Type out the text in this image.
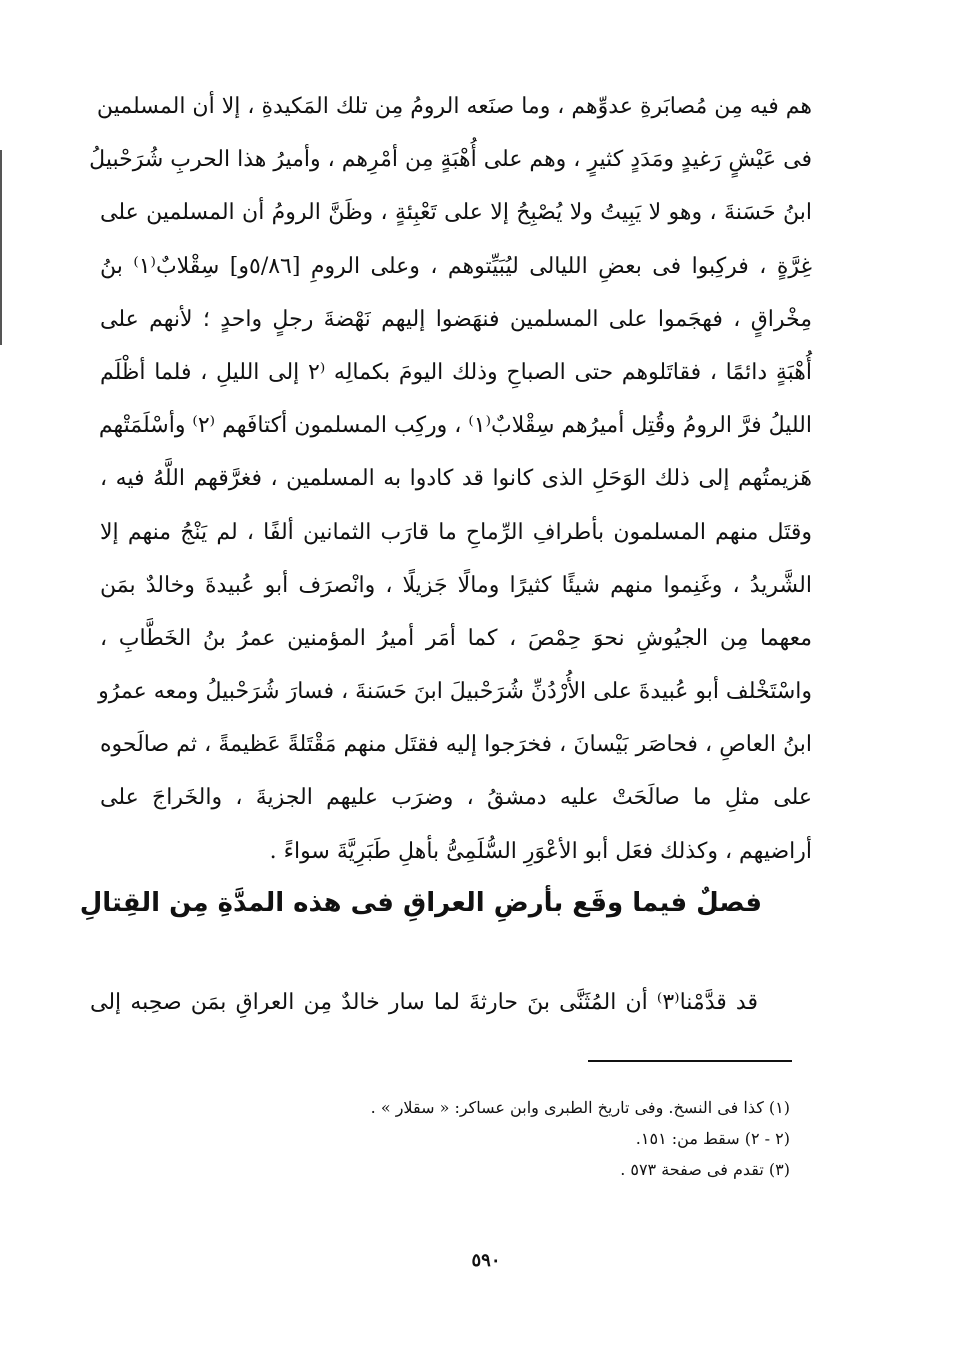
هم فيه مِن مُصابَرةِ عدوِّهم ، وما صنَعه الرومُ مِن تلك المَكيدةِ ، إلا أن المسلمين
فى عَيْشٍ رَغيدٍ ومَدَدٍ كثيرٍ ، وهم على أُهْبَةٍ مِن أمْرِهم ، وأميرُ هذا الحربِ شُرَحْبيلُ
ابنُ حَسَنةَ ، وهو لا يَبِيتُ ولا يُصْبِحُ إلا على تَعْبِئةٍ ، وظَنَّ الرومُ أن المسلمين على
غِرَّةٍ ، فركِبوا فى بعضِ الليالى ليُبَيِّتوهم ، وعلى الرومِ [٥/٨٦و] سِقْلابٌ⁽١⁾ بنُ
مِخْراقٍ ، فهجَموا على المسلمين فنهَضوا إليهم نَهْضةَ رجلٍ واحدٍ ؛ لأنهم على
أُهْبَةٍ دائمًا ، فقاتَلوهم حتى الصباحِ وذلك اليومَ بكمالِه ⁽٢ إلى الليلِ ، فلما أظْلَم
الليلُ فرَّ الرومُ وقُتِل أميرُهم سِقْلابٌ⁽١⁾ ، وركِب المسلمون أكتافَهم ⁽٢⁾ وأسْلَمَتْهم
هَزيمتُهم إلى ذلك الوَحَلِ الذى كانوا قد كادوا به المسلمين ، فغرَّقهم اللَّهُ فيه ،
وقتَل منهم المسلمون بأطرافِ الرِّماحِ ما قارَب الثمانين ألفًا ، لم يَنْجُ منهم إلا
الشَّريدُ ، وغَنِموا منهم شيئًا كثيرًا ومالًا جَزيلًا ، وانْصرَف أبو عُبيدةَ وخالدٌ بمَن
معهما مِن الجيُوشِ نحوَ حِمْصَ ، كما أمَر أميرُ المؤمنين عمرُ بنُ الخَطَّابِ ،
واسْتَخْلف أبو عُبيدةَ على الأُرْدُنِّ شُرَحْبيلَ ابنَ حَسَنةَ ، فسارَ شُرَحْبيلُ ومعه عمرُو
ابنُ العاصِ ، فحاصَر بَيْسانَ ، فخرَجوا إليه فقتَل منهم مَقْتَلةً عَظيمةً ، ثم صالَحوه
على مثلِ ما صالَحَتْ عليه دمشقُ ، وضرَب عليهم الجزيةَ ، والخَراجَ على
أراضيهم ، وكذلك فعَل أبو الأعْوَرِ السُّلَمِىُّ بأهلِ طَبَرِيَّةَ سواءً .
فصلٌ فيما وقَع بأرضِ العراقِ فى هذه المدَّةِ مِن القِتالِ
قد قدَّمْنا⁽٣⁾ أن المُثَنَّى بنَ حارثةَ لما سار خالدٌ مِن العراقِ بمَن صحِبه إلى
(١) كذا فى النسخ. وفى تاريخ الطبرى وابن عساكر: « سقلار » .
(٢ - ٢) سقط من: ١٥١.
(٣) تقدم فى صفحة ٥٧٣ .
٥٩٠
